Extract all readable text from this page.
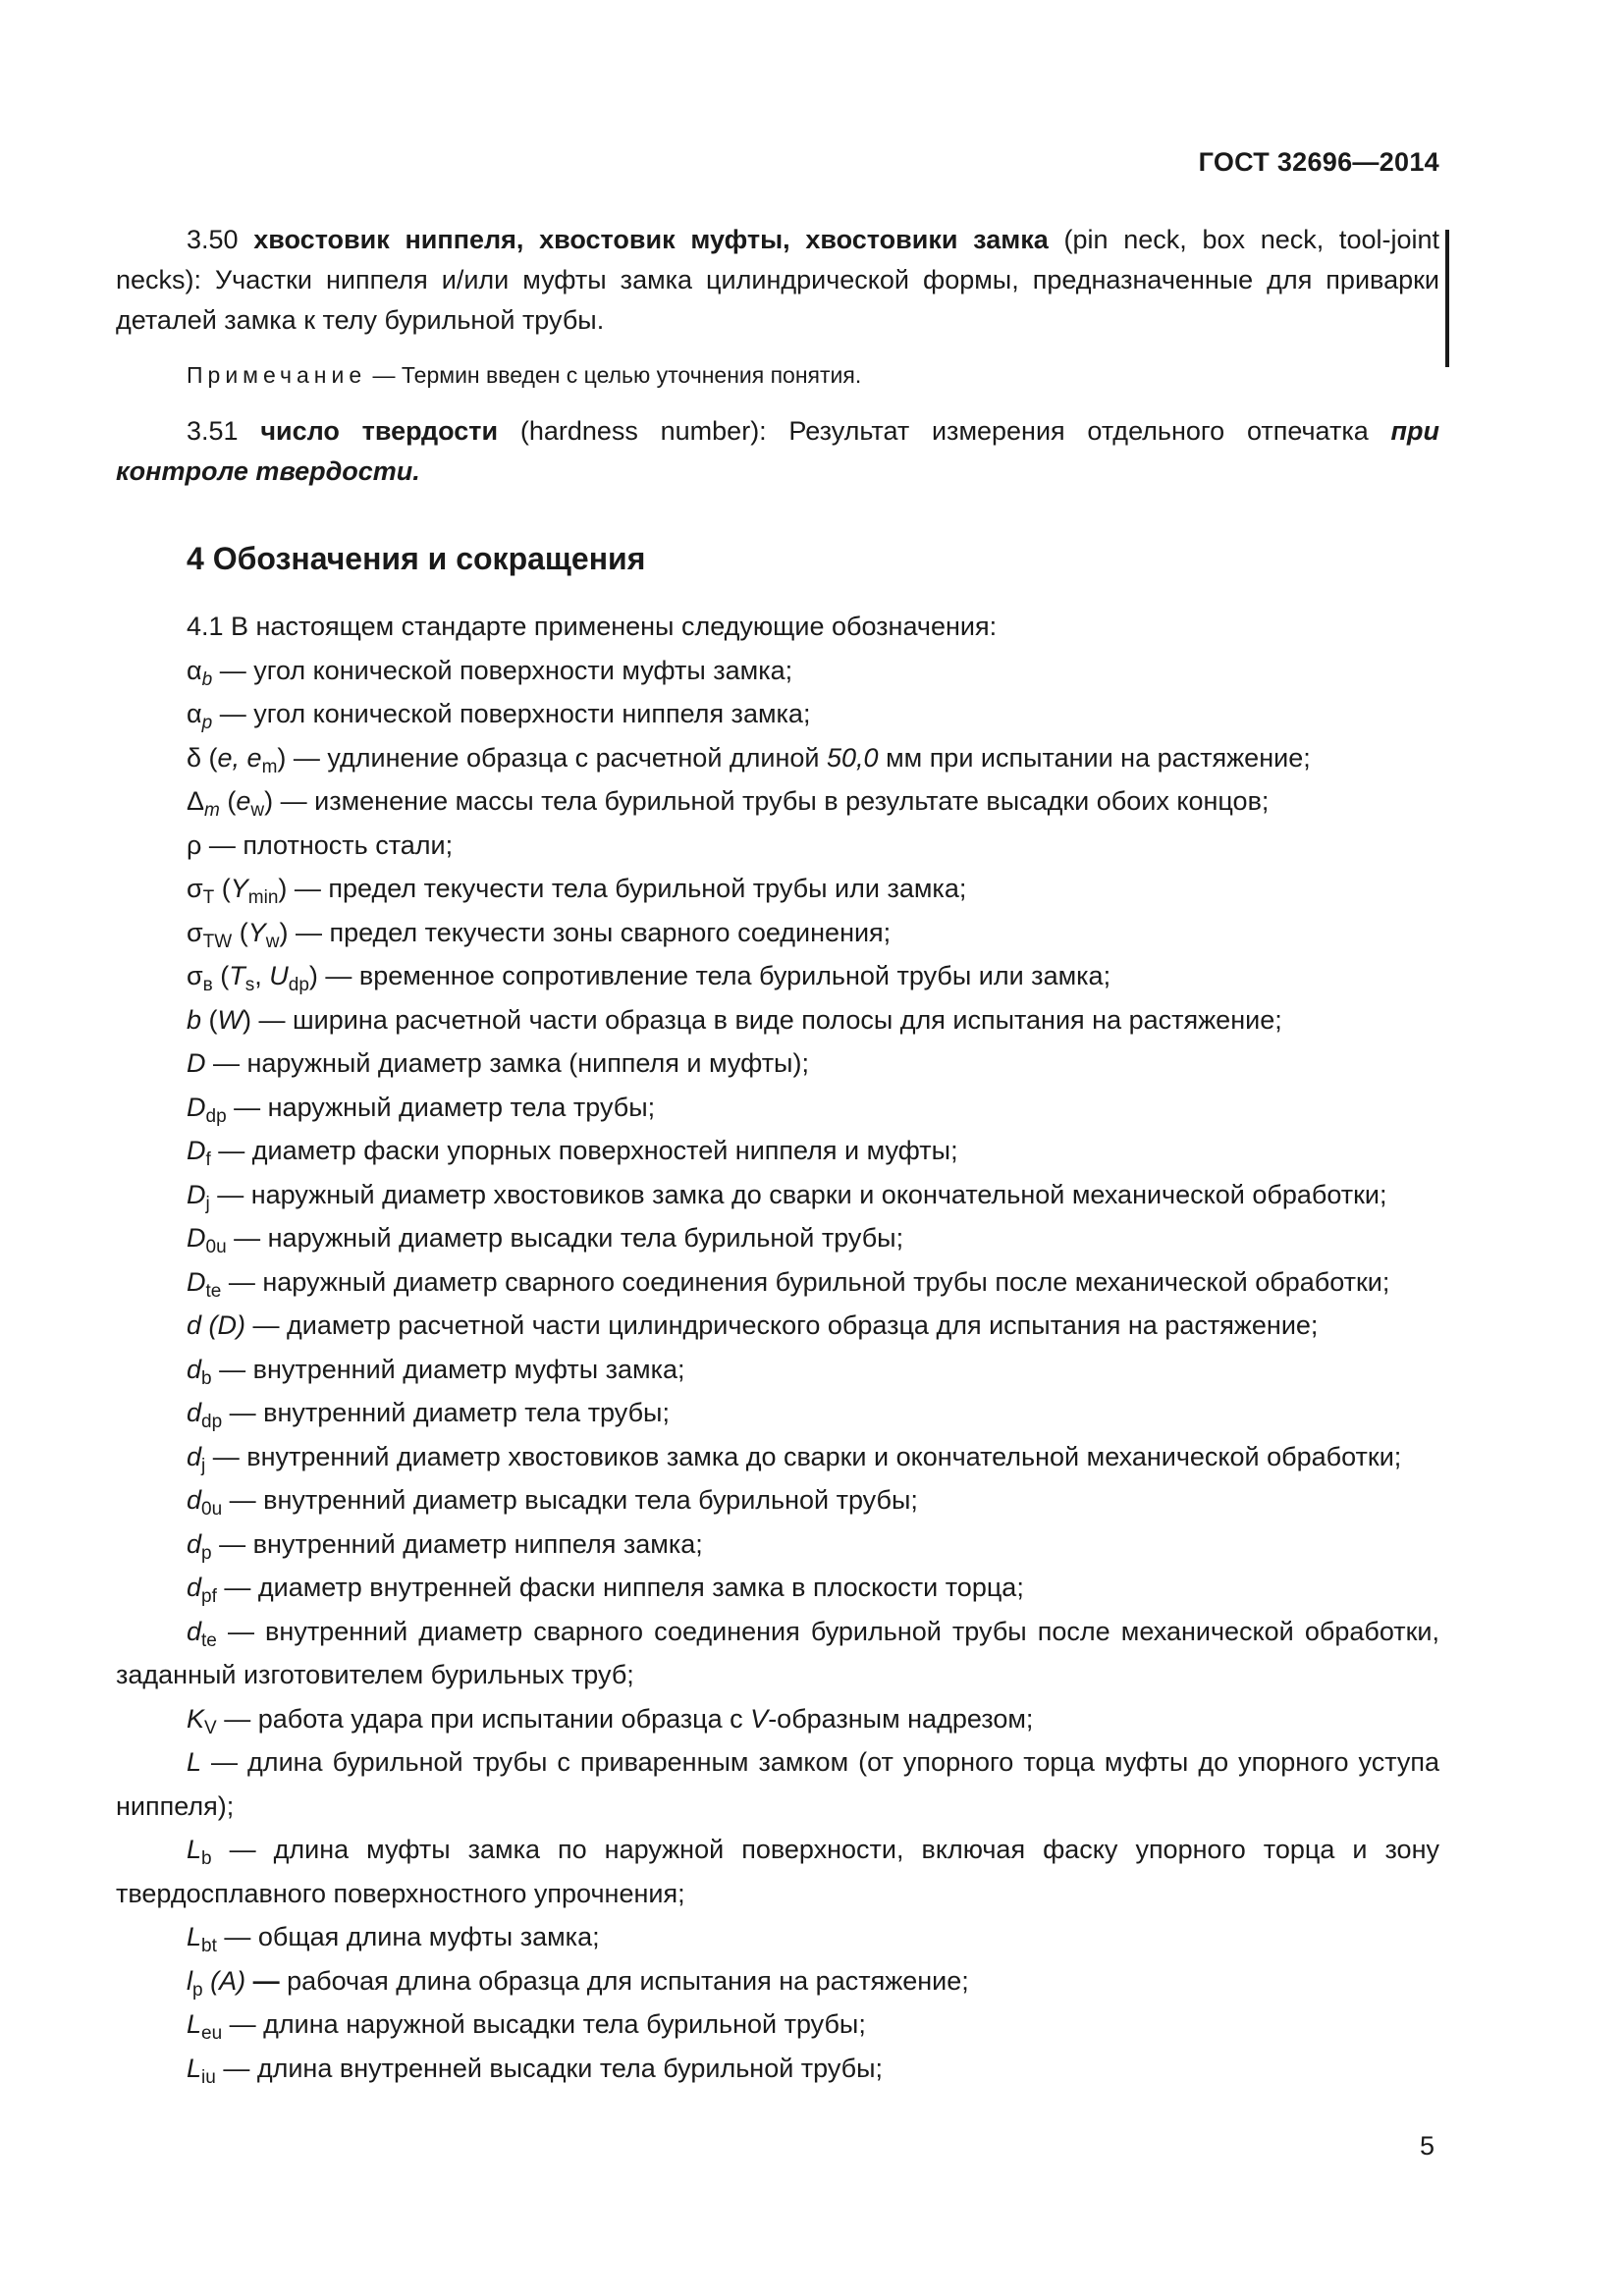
ГОСТ 32696—2014

3.50 хвостовик ниппеля, хвостовик муфты, хвостовики замка (pin neck, box neck, tool-joint necks): Участки ниппеля и/или муфты замка цилиндрической формы, предназначенные для приварки деталей замка к телу бурильной трубы.

Примечание — Термин введен с целью уточнения понятия.

3.51 число твердости (hardness number): Результат измерения отдельного отпечатка при контроле твердости.

4 Обозначения и сокращения

4.1 В настоящем стандарте применены следующие обозначения:

$\alpha_b$ — угол конической поверхности муфты замка;

$\alpha_p$ — угол конической поверхности ниппеля замка;

δ (e, $e_m$) — удлинение образца с расчетной длиной 50,0 мм при испытании на растяжение;

$\Delta_m$ $(e_w)$ — изменение массы тела бурильной трубы в результате высадки обоих концов;

ρ — плотность стали;

$\sigma_T$ $(Y_{min})$ — предел текучести тела бурильной трубы или замка;

$\sigma_{TW}$ $(Y_w)$ — предел текучести зоны сварного соединения;

$\sigma_в$ ($T_s$, $U_{dp}$) — временное сопротивление тела бурильной трубы или замка;

b (W) — ширина расчетной части образца в виде полосы для испытания на растяжение;

D — наружный диаметр замка (ниппеля и муфты);

$D_{dp}$ — наружный диаметр тела трубы;

$D_f$ — диаметр фаски упорных поверхностей ниппеля и муфты;

$D_j$ — наружный диаметр хвостовиков замка до сварки и окончательной механической обработки;

$D_{0u}$ — наружный диаметр высадки тела бурильной трубы;

$D_{te}$ — наружный диаметр сварного соединения бурильной трубы после механической обработки;

d (D) — диаметр расчетной части цилиндрического образца для испытания на растяжение;

$d_b$ — внутренний диаметр муфты замка;

$d_{dp}$ — внутренний диаметр тела трубы;

$d_j$ — внутренний диаметр хвостовиков замка до сварки и окончательной механической обработки;

$d_{0u}$ — внутренний диаметр высадки тела бурильной трубы;

$d_p$ — внутренний диаметр ниппеля замка;

$d_{pf}$ — диаметр внутренней фаски ниппеля замка в плоскости торца;

$d_{te}$ — внутренний диаметр сварного соединения бурильной трубы после механической обработки, заданный изготовителем бурильных труб;

$K_V$ — работа удара при испытании образца с V-образным надрезом;

L — длина бурильной трубы с приваренным замком (от упорного торца муфты до упорного уступа ниппеля);

$L_b$ — длина муфты замка по наружной поверхности, включая фаску упорного торца и зону твердосплавного поверхностного упрочнения;

$L_{bt}$ — общая длина муфты замка;

$l_p$ (A) — рабочая длина образца для испытания на растяжение;

$L_{eu}$ — длина наружной высадки тела бурильной трубы;

$L_{iu}$ — длина внутренней высадки тела бурильной трубы;

5
